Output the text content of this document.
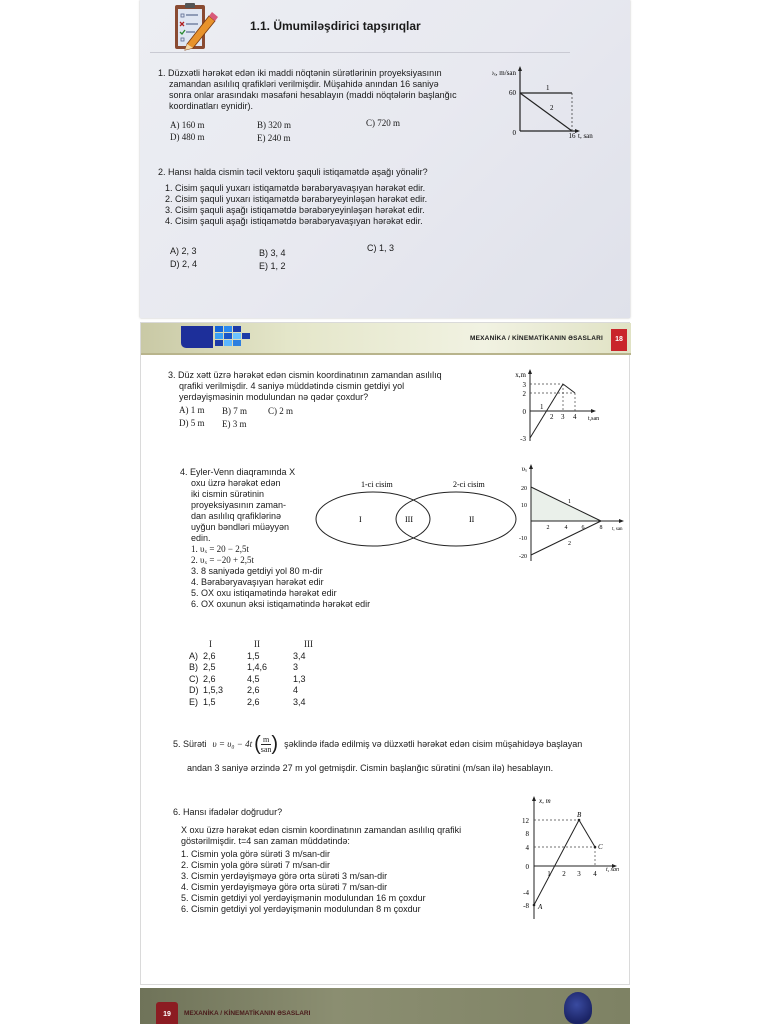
1.1. Ümumiləşdirici tapşırıqlar
1. Düzxətli hərəkət edən iki maddi nöqtənin sürətlərinin proyeksiyasının
zamandan asılılıq qrafikləri verilmişdir. Müşahidə anından 16 saniyə
sonra onlar arasındakı məsafəni hesablayın (maddi nöqtələrin başlanğıc
koordinatları eynidir).
A) 160 m	B) 320 m	C) 720 m
D) 480 m	E) 240 m
υₓ, m/san
60
0	16 t, san
1
2
2. Hansı halda cismin təcil vektoru şaquli istiqamətdə aşağı yönəlir?
1. Cisim şaquli yuxarı istiqamətdə bərabəryavaşıyan hərəkət edir.
2. Cisim şaquli yuxarı istiqamətdə bərabəryeyinləşən hərəkət edir.
3. Cisim şaquli aşağı istiqamətdə bərabəryeyinləşən hərəkət edir.
4. Cisim şaquli aşağı istiqamətdə bərabəryavaşıyan hərəkət edir.
A) 2, 3	B) 3, 4	C) 1, 3
D) 2, 4	E) 1, 2
MEXANİKA / KİNEMATİKANIN ƏSASLARI	18
3. Düz xətt üzrə hərəkət edən cismin koordinatının zamandan asılılıq
qrafiki verilmişdir. 4 saniyə müddətində cismin getdiyi yol
yerdəyişməsinin modulundan nə qədər çoxdur?
A) 1 m B) 7 m C) 2 m
D) 5 m E) 3 m
x,m
3
2
0
-3
1
2 3 4 t,san
4. Eyler-Venn diaqramında X
oxu üzrə hərəkət edən
iki cismin sürətinin
proyeksiyasının zaman-
dan asılılıq qrafiklərinə
uyğun bəndləri müəyyən
edin.
1. υₓ = 20 − 2,5t
2. υₓ = −20 + 2,5t
3. 8 saniyədə getdiyi yol 80 m-dir
4. Bərabəryavaşıyan hərəkət edir
5. OX oxu istiqamətində hərəkət edir
6. OX oxunun əksi istiqamətində hərəkət edir
1-ci cisim	2-ci cisim
I	III	II
υₓ
20
10
-10
-20
2	4 6	8 t, san
1
2
I	II	III
A) 2,6	1,5	3,4
B) 2,5	1,4,6	3
C) 2,6	4,5	1,3
D) 1,5,3	2,6	4
E) 1,5	2,6	3,4
5. Sürəti υ = υ₀ − 4t ( m
san ) şəklində ifadə edilmiş və düzxətli hərəkət edən cisim müşahidəyə başlayan
andan 3 saniyə ərzində 27 m yol getmişdir. Cismin başlanğıc sürətini (m/san ilə) hesablayın.
6. Hansı ifadələr doğrudur?
X oxu üzrə hərəkət edən cismin koordinatının zamandan asılılıq qrafiki
göstərilmişdir. t=4 san zaman müddətində:
1. Cismin yola görə sürəti 3 m/san-dir
2. Cismin yola görə sürəti 7 m/san-dir
3. Cismin yerdəyişməyə görə orta sürəti 3 m/san-dir
4. Cismin yerdəyişməyə görə orta sürəti 7 m/san-dir
5. Cismin getdiyi yol yerdəyişmənin modulundan 16 m çoxdur
6. Cismin getdiyi yol yerdəyişmənin modulundan 8 m çoxdur
x, m
12
8
4
0
-4
-8
1 2 3 4 t, san
A
B
C
19	MEXANİKA / KİNEMATİKANIN ƏSASLARI
